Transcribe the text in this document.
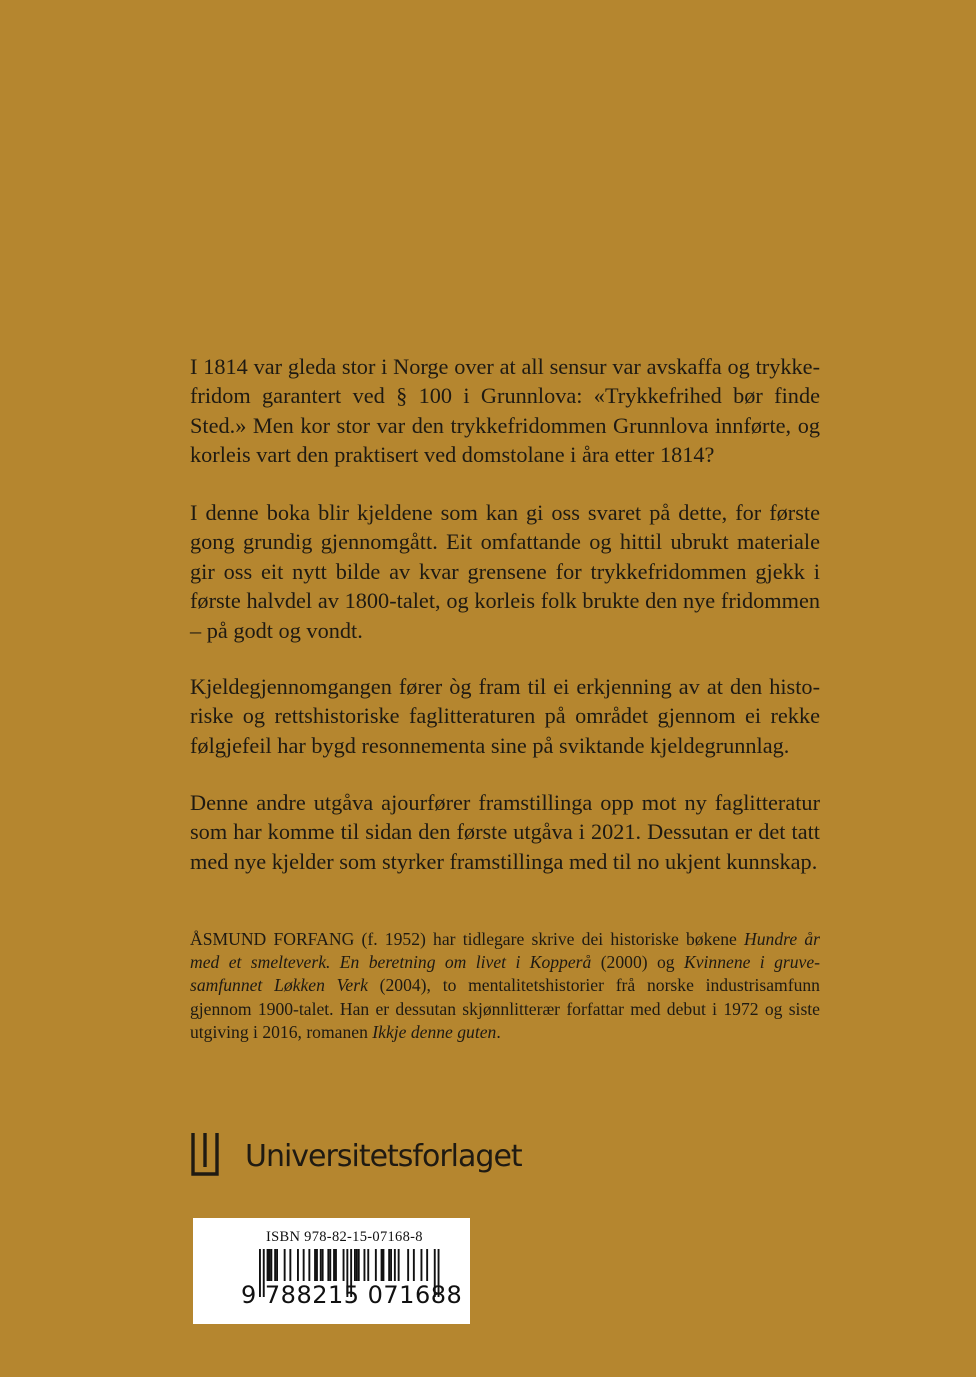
I 1814 var gleda stor i Norge over at all sensur var avskaffa og trykkefridom garantert ved § 100 i Grunnlova: «Trykkefrihed bør finde Sted.» Men kor stor var den trykkefridommen Grunnlova innførte, og korleis vart den praktisert ved domstolane i åra etter 1814?

I denne boka blir kjeldene som kan gi oss svaret på dette, for første gong grundig gjennomgått. Eit omfattande og hittil ubrukt materiale gir oss eit nytt bilde av kvar grensene for trykkefridommen gjekk i første halvdel av 1800-talet, og korleis folk brukte den nye fridommen – på godt og vondt.

Kjeldegjennomgangen fører òg fram til ei erkjenning av at den historiske og rettshistoriske faglitteraturen på området gjennom ei rekke følgjefeil har bygd resonnementa sine på sviktande kjeldegrunnlag.

Denne andre utgåva ajourfører framstillinga opp mot ny faglitteratur som har komme til sidan den første utgåva i 2021. Dessutan er det tatt med nye kjelder som styrker framstillinga med til no ukjent kunnskap.

ÅSMUND FORFANG (f. 1952) har tidlegare skrive dei historiske bøkene Hundre år med et smelteverk. En beretning om livet i Kopperå (2000) og Kvinnene i gruvesamfunnet Løkken Verk (2004), to mentalitetshistorier frå norske industrisamfunn gjennom 1900-talet. Han er dessutan skjønnlitterær forfattar med debut i 1972 og siste utgiving i 2016, romanen Ikkje denne guten.

Universitetsforlaget
ISBN 978-82-15-07168-8
9 788215 071688
